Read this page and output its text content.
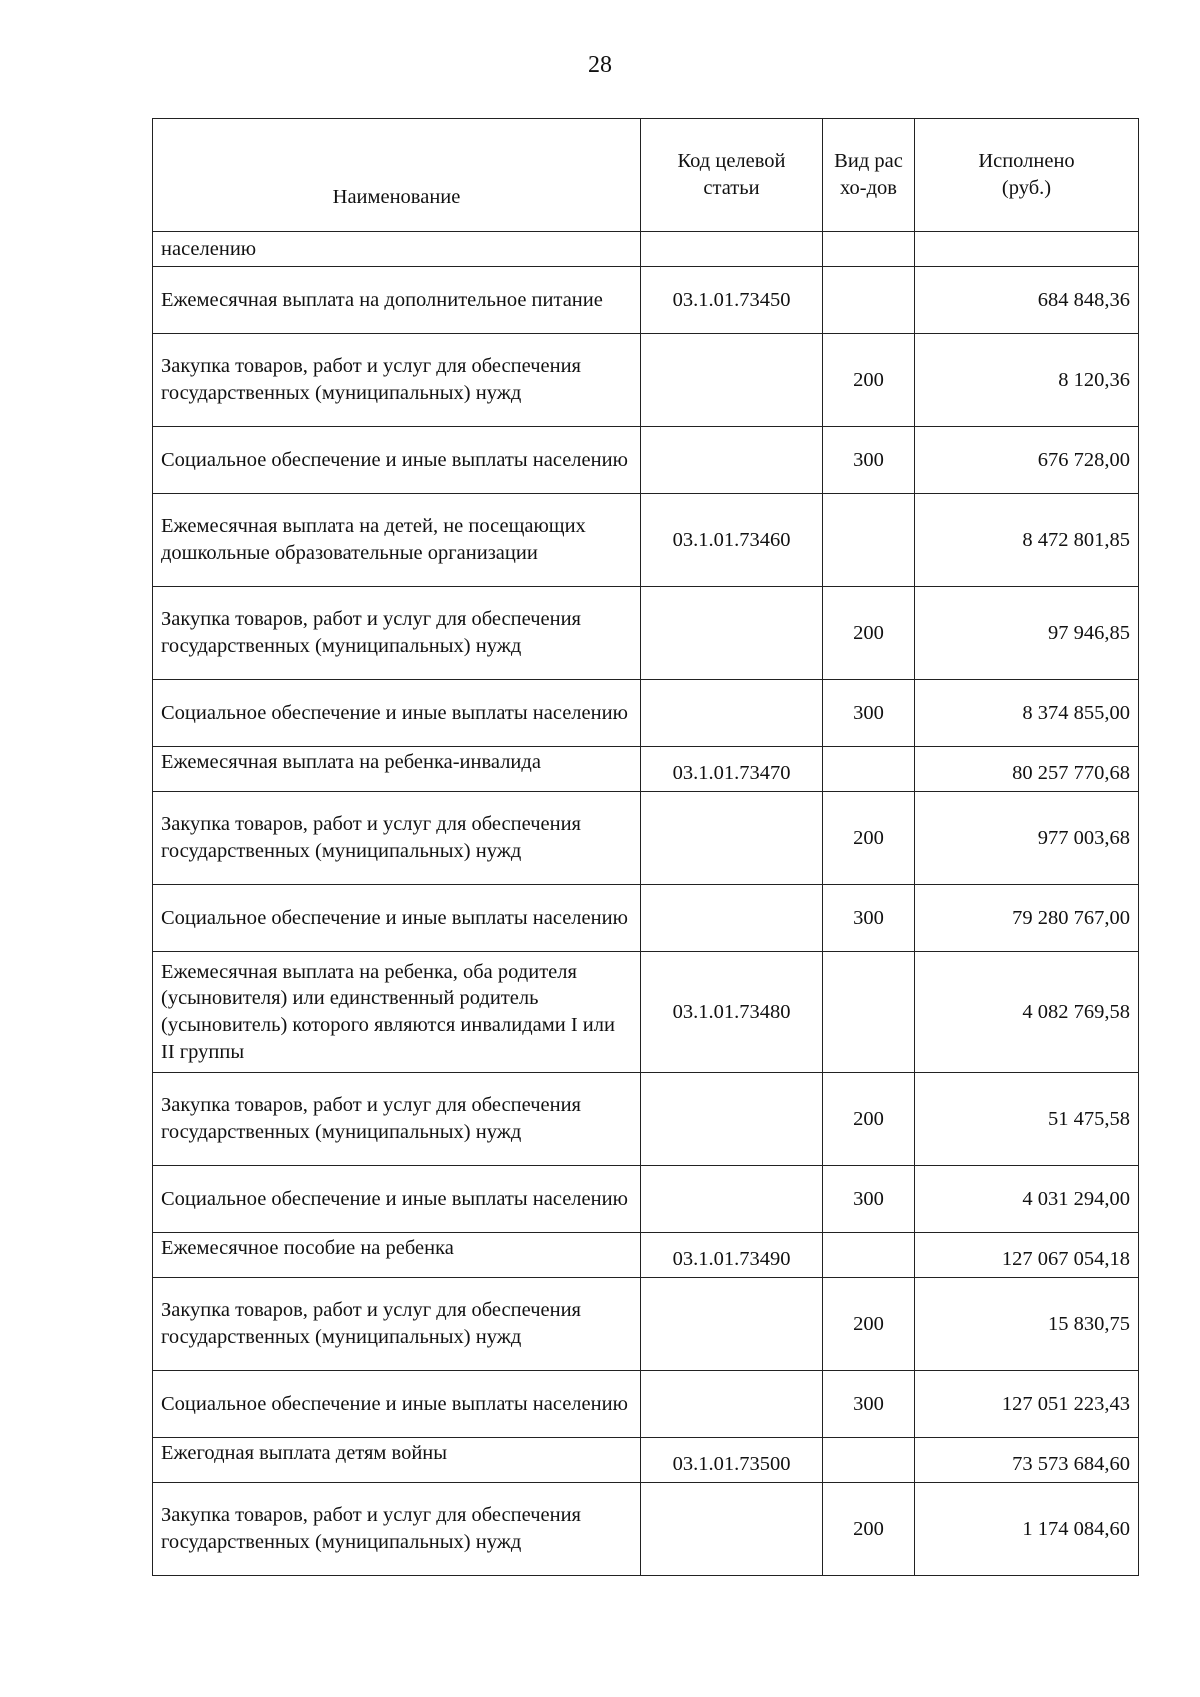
28
Наименование	Код целевой статьи	Вид расхо-дов	Исполнено (руб.)
населению			
Ежемесячная выплата на дополнительное питание	03.1.01.73450		684 848,36
Закупка товаров, работ и услуг для обеспечения государственных (муниципальных) нужд		200	8 120,36
Социальное обеспечение и иные выплаты населению		300	676 728,00
Ежемесячная выплата на детей, не посещающих дошкольные образовательные организации	03.1.01.73460		8 472 801,85
Закупка товаров, работ и услуг для обеспечения государственных (муниципальных) нужд		200	97 946,85
Социальное обеспечение и иные выплаты населению		300	8 374 855,00
Ежемесячная выплата на ребенка-инвалида	03.1.01.73470		80 257 770,68
Закупка товаров, работ и услуг для обеспечения государственных (муниципальных) нужд		200	977 003,68
Социальное обеспечение и иные выплаты населению		300	79 280 767,00
Ежемесячная выплата на ребенка, оба родителя (усыновителя) или единственный родитель (усыновитель) которого являются инвалидами I или II группы	03.1.01.73480		4 082 769,58
Закупка товаров, работ и услуг для обеспечения государственных (муниципальных) нужд		200	51 475,58
Социальное обеспечение и иные выплаты населению		300	4 031 294,00
Ежемесячное пособие на ребенка	03.1.01.73490		127 067 054,18
Закупка товаров, работ и услуг для обеспечения государственных (муниципальных) нужд		200	15 830,75
Социальное обеспечение и иные выплаты населению		300	127 051 223,43
Ежегодная выплата детям войны	03.1.01.73500		73 573 684,60
Закупка товаров, работ и услуг для обеспечения государственных (муниципальных) нужд		200	1 174 084,60
